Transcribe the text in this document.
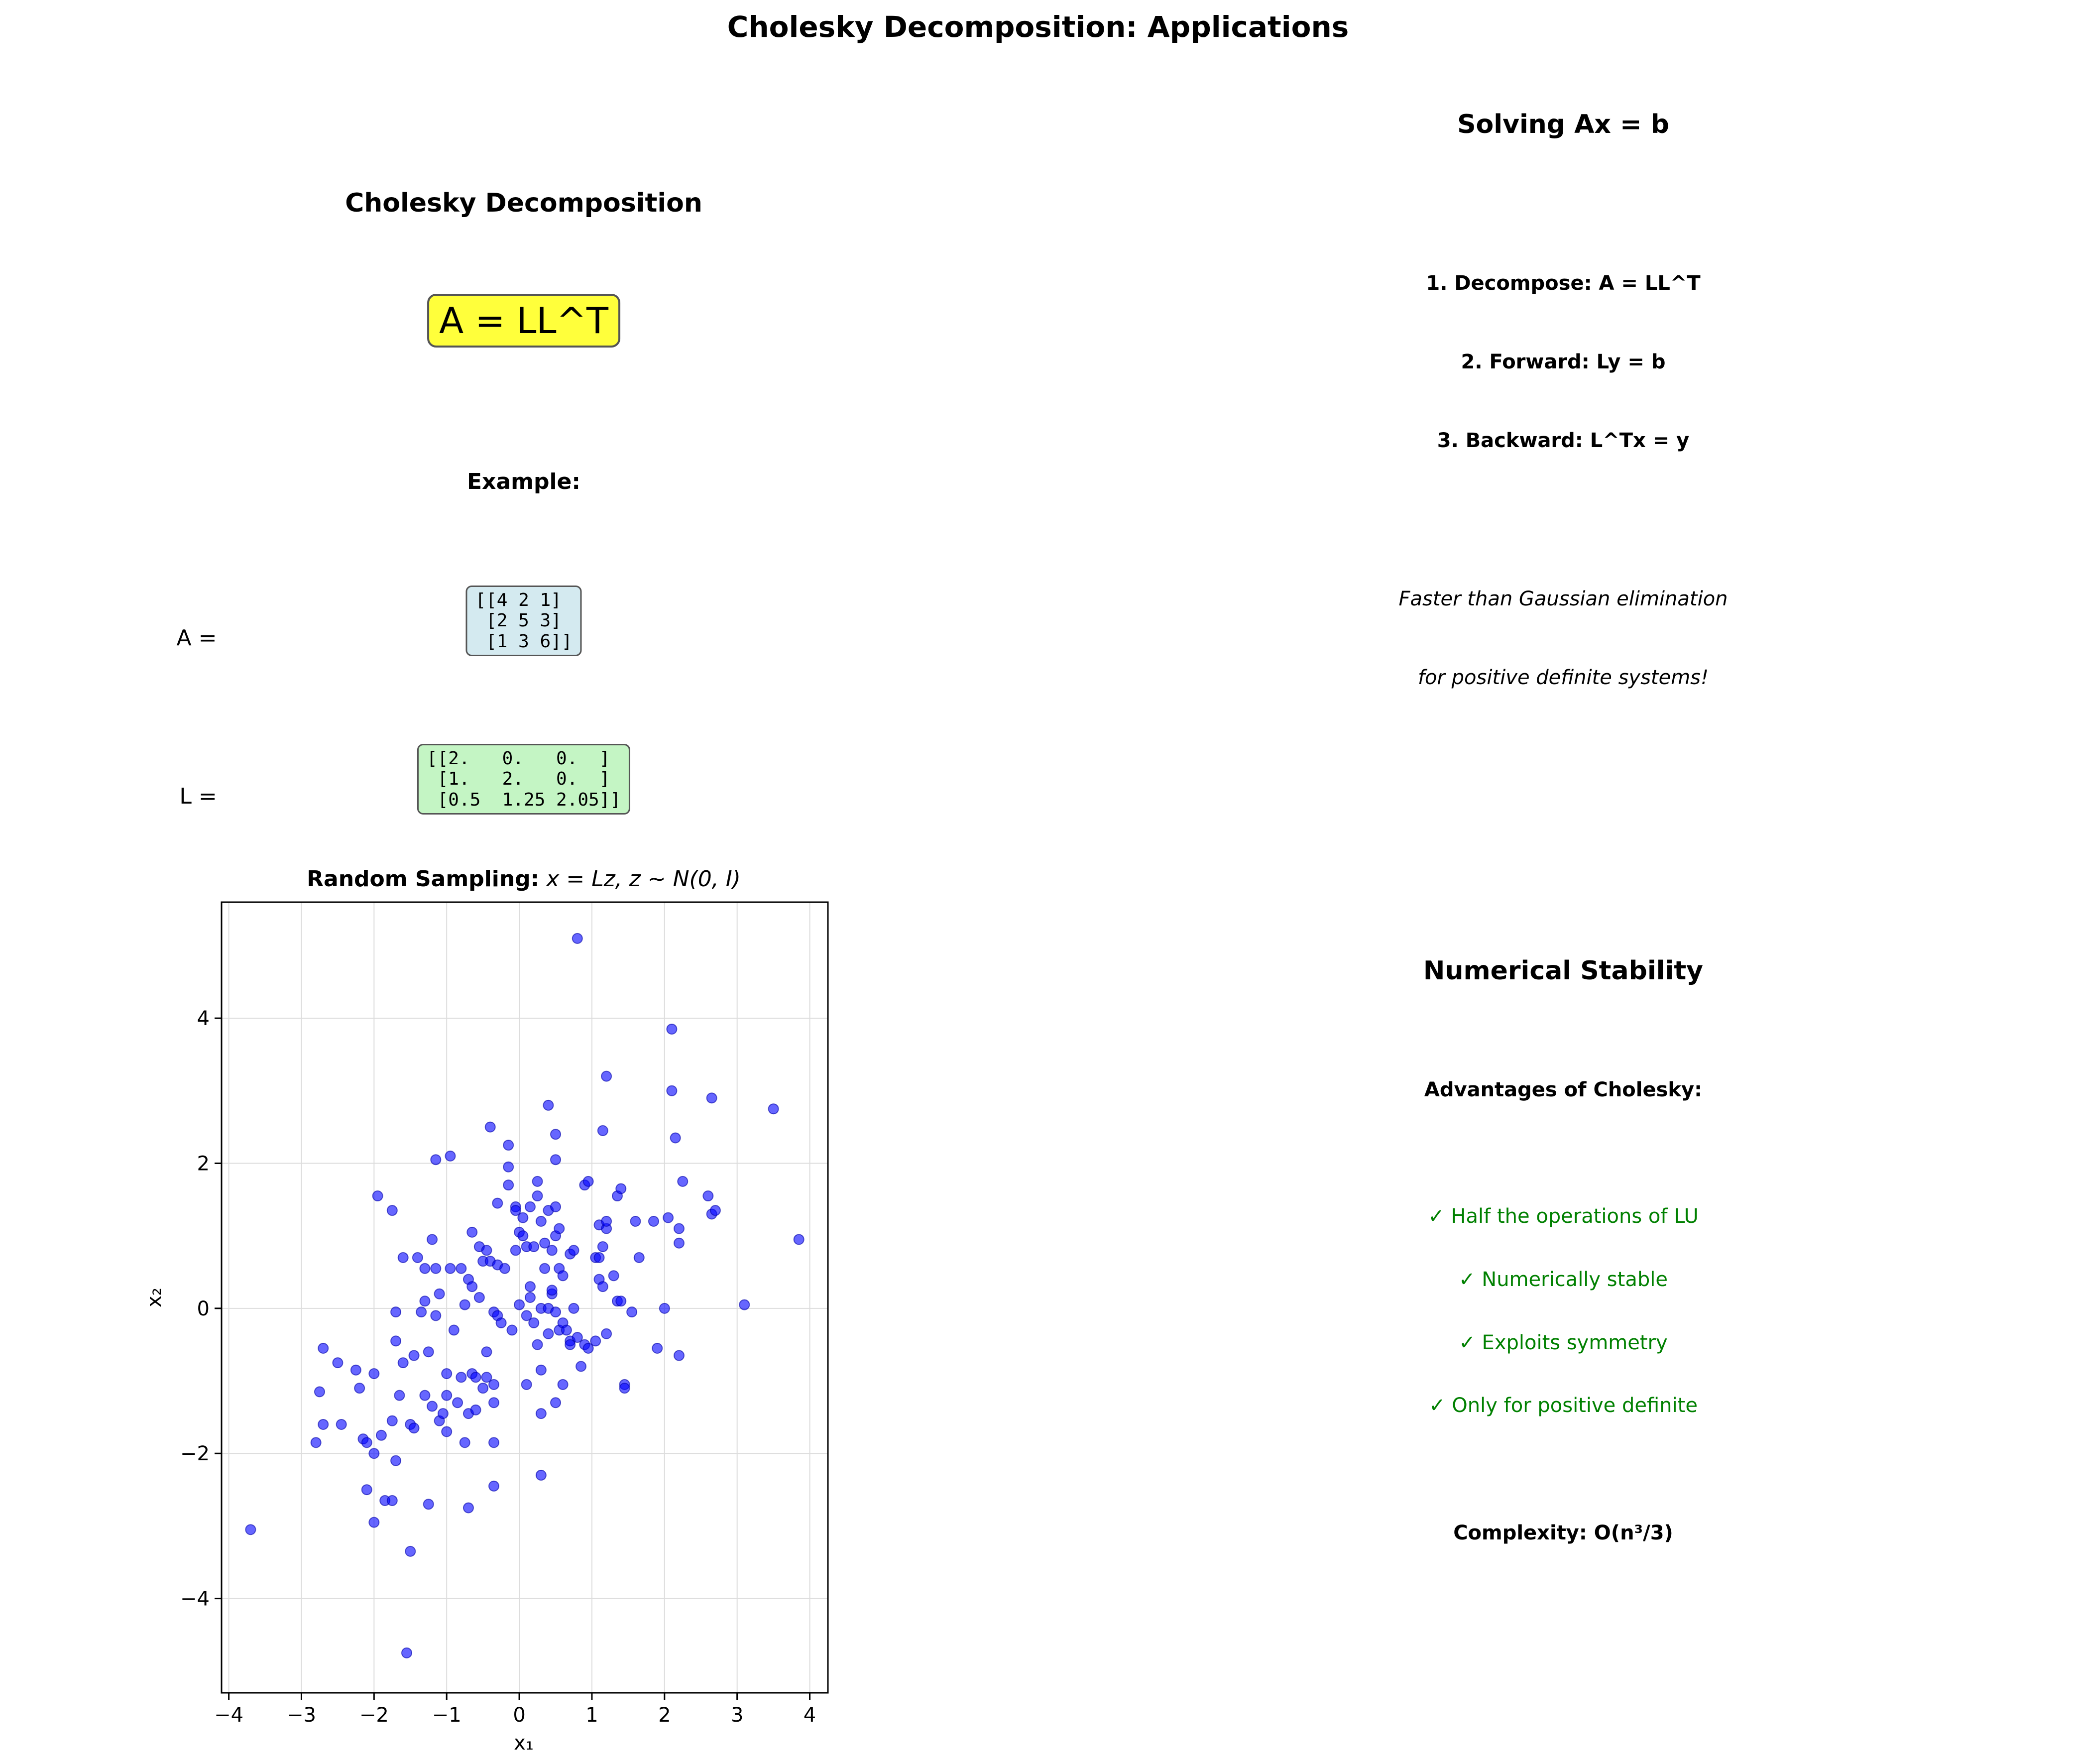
Cholesky Decomposition: Applications
Cholesky Decomposition
A = LL^T
Example:
A =
[[4 2 1]
[2 5 3]
[1 3 6]]
L =
[[2.   0.   0.  ]
[1.   2.   0.  ]
[0.5  1.25 2.05]]
Solving Ax = b
1. Decompose: A = LL^T
2. Forward: Ly = b
3. Backward: L^Tx = y
Faster than Gaussian elimination
for positive definite systems!
Numerical Stability
Advantages of Cholesky:
✓ Half the operations of LU
✓ Numerically stable
✓ Exploits symmetry
✓ Only for positive definite
Complexity: O(n³/3)
Random Sampling: x = Lz, z ~ N(0, I)
−4 −3 −2 −1	0	1	2	3	4
−4
−2
0
2
4
x₁
x₂
